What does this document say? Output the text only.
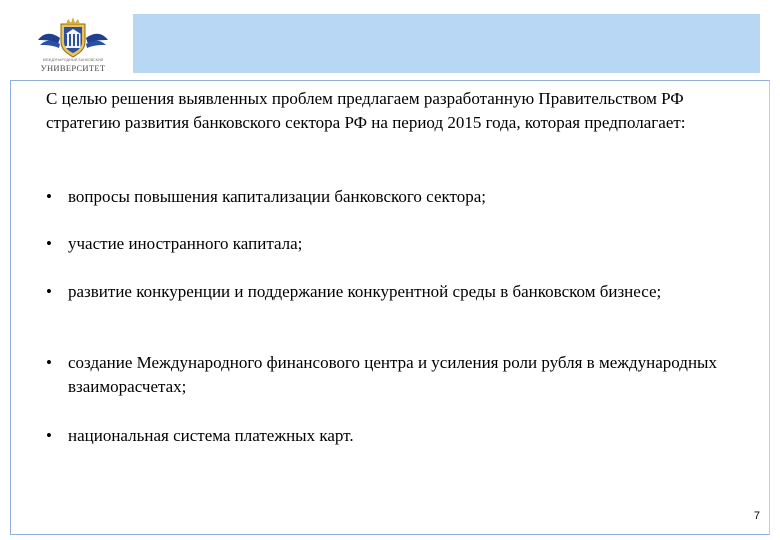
МЕЖДУНАРОДНЫЙ БАНКОВСКИЙ
УНИВЕРСИТЕТ

С целью решения выявленных проблем предлагаем разработанную Правительством РФ стратегию развития банковского сектора РФ на период 2015 года, которая предполагает:

• вопросы повышения капитализации банковского сектора;
• участие иностранного капитала;
• развитие конкуренции и поддержание конкурентной среды в банковском бизнесе;
• создание Международного финансового центра и усиления роли рубля в международных взаиморасчетах;
• национальная система платежных карт.
7
